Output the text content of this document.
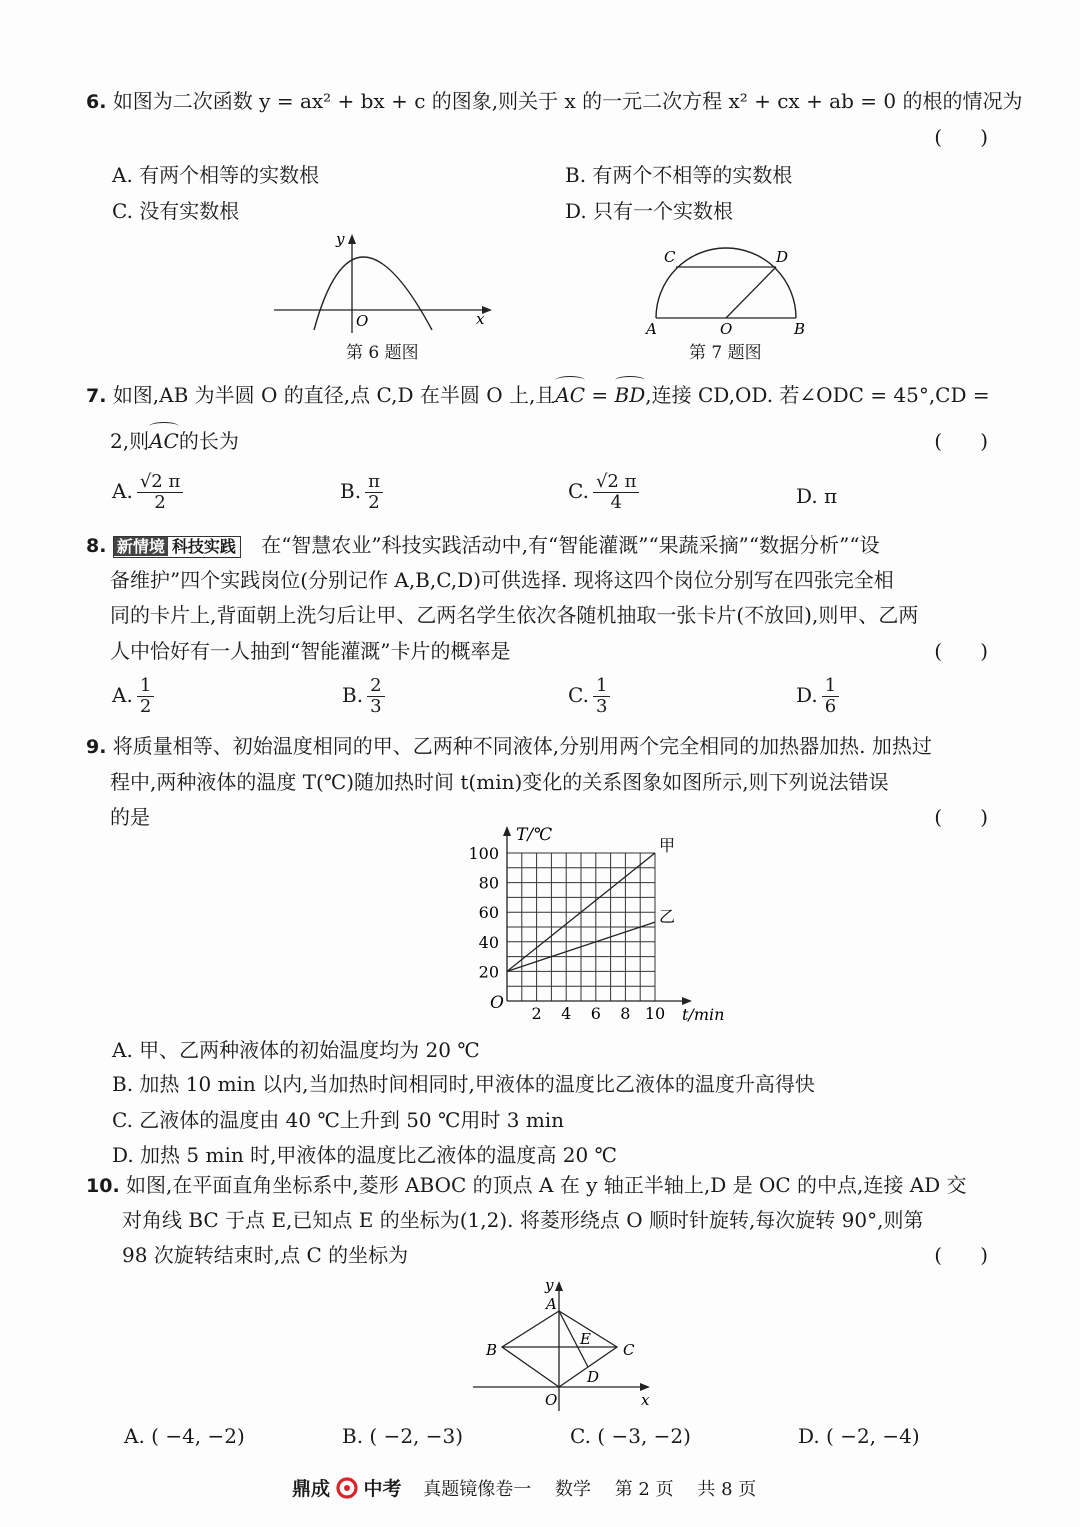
6. 如图为二次函数 y = ax² + bx + c 的图象,则关于 x 的一元二次方程 x² + cx + ab = 0 的根的情况为
(      )
A. 有两个相等的实数根	B. 有两个不相等的实数根
C. 没有实数根	D. 只有一个实数根
y
x
O
第 6 题图
C	D
A	O	B
第 7 题图
7. 如图,AB 为半圆 O 的直径,点 C,D 在半圆 O 上,且AC = BD,连接 CD,OD. 若∠ODC = 45°,CD =
2,则AC的长为	(      )
A. $\frac{√2 \pi}{2}$	B. $\frac{\pi}{2}$	C. $\frac{√2 \pi}{4}$	D. π
8. 新情境 科技实践 在“智慧农业”科技实践活动中,有“智能灌溉”“果蔬采摘”“数据分析”“设
备维护”四个实践岗位(分别记作 A,B,C,D)可供选择. 现将这四个岗位分别写在四张完全相
同的卡片上,背面朝上洗匀后让甲、乙两名学生依次各随机抽取一张卡片(不放回),则甲、乙两
人中恰好有一人抽到“智能灌溉”卡片的概率是	(      )
A. $\frac{1}{2}$	B. $\frac{2}{3}$	C. $\frac{1}{3}$	D. $\frac{1}{6}$
9. 将质量相等、初始温度相同的甲、乙两种不同液体,分别用两个完全相同的加热器加热. 加热过
程中,两种液体的温度 T(℃)随加热时间 t(min)变化的关系图象如图所示,则下列说法错误
的是	(      )
T/℃
t/min
O
2 4 6 8 10
20
40
60
80
100	甲
乙
A. 甲、乙两种液体的初始温度均为 20 ℃
B. 加热 10 min 以内,当加热时间相同时,甲液体的温度比乙液体的温度升高得快
C. 乙液体的温度由 40 ℃上升到 50 ℃用时 3 min
D. 加热 5 min 时,甲液体的温度比乙液体的温度高 20 ℃
10. 如图,在平面直角坐标系中,菱形 ABOC 的顶点 A 在 y 轴正半轴上,D 是 OC 的中点,连接 AD 交
对角线 BC 于点 E,已知点 E 的坐标为(1,2). 将菱形绕点 O 顺时针旋转,每次旋转 90°,则第
98 次旋转结束时,点 C 的坐标为	(      )
y
A
B	C
E
D
O	x
A. ( −4, −2)	B. ( −2, −3)	C. ( −3, −2)	D. ( −2, −4)
鼎成 中考 真题镜像卷一 数学 第 2 页 共 8 页
